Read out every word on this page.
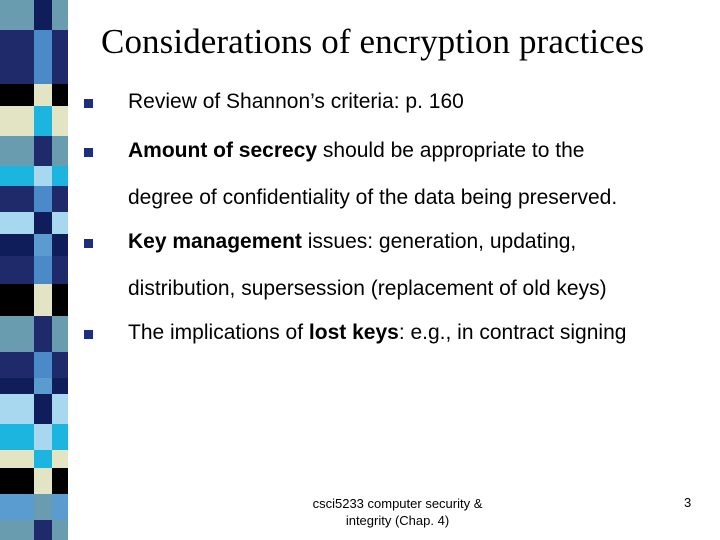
Considerations of encryption practices
Review of Shannon’s criteria: p. 160
Amount of secrecy should be appropriate to the
degree of confidentiality of the data being preserved.
Key management issues: generation, updating,
distribution, supersession (replacement of old keys)
The implications of lost keys: e.g., in contract signing
csci5233 computer security &
integrity (Chap. 4)
3
